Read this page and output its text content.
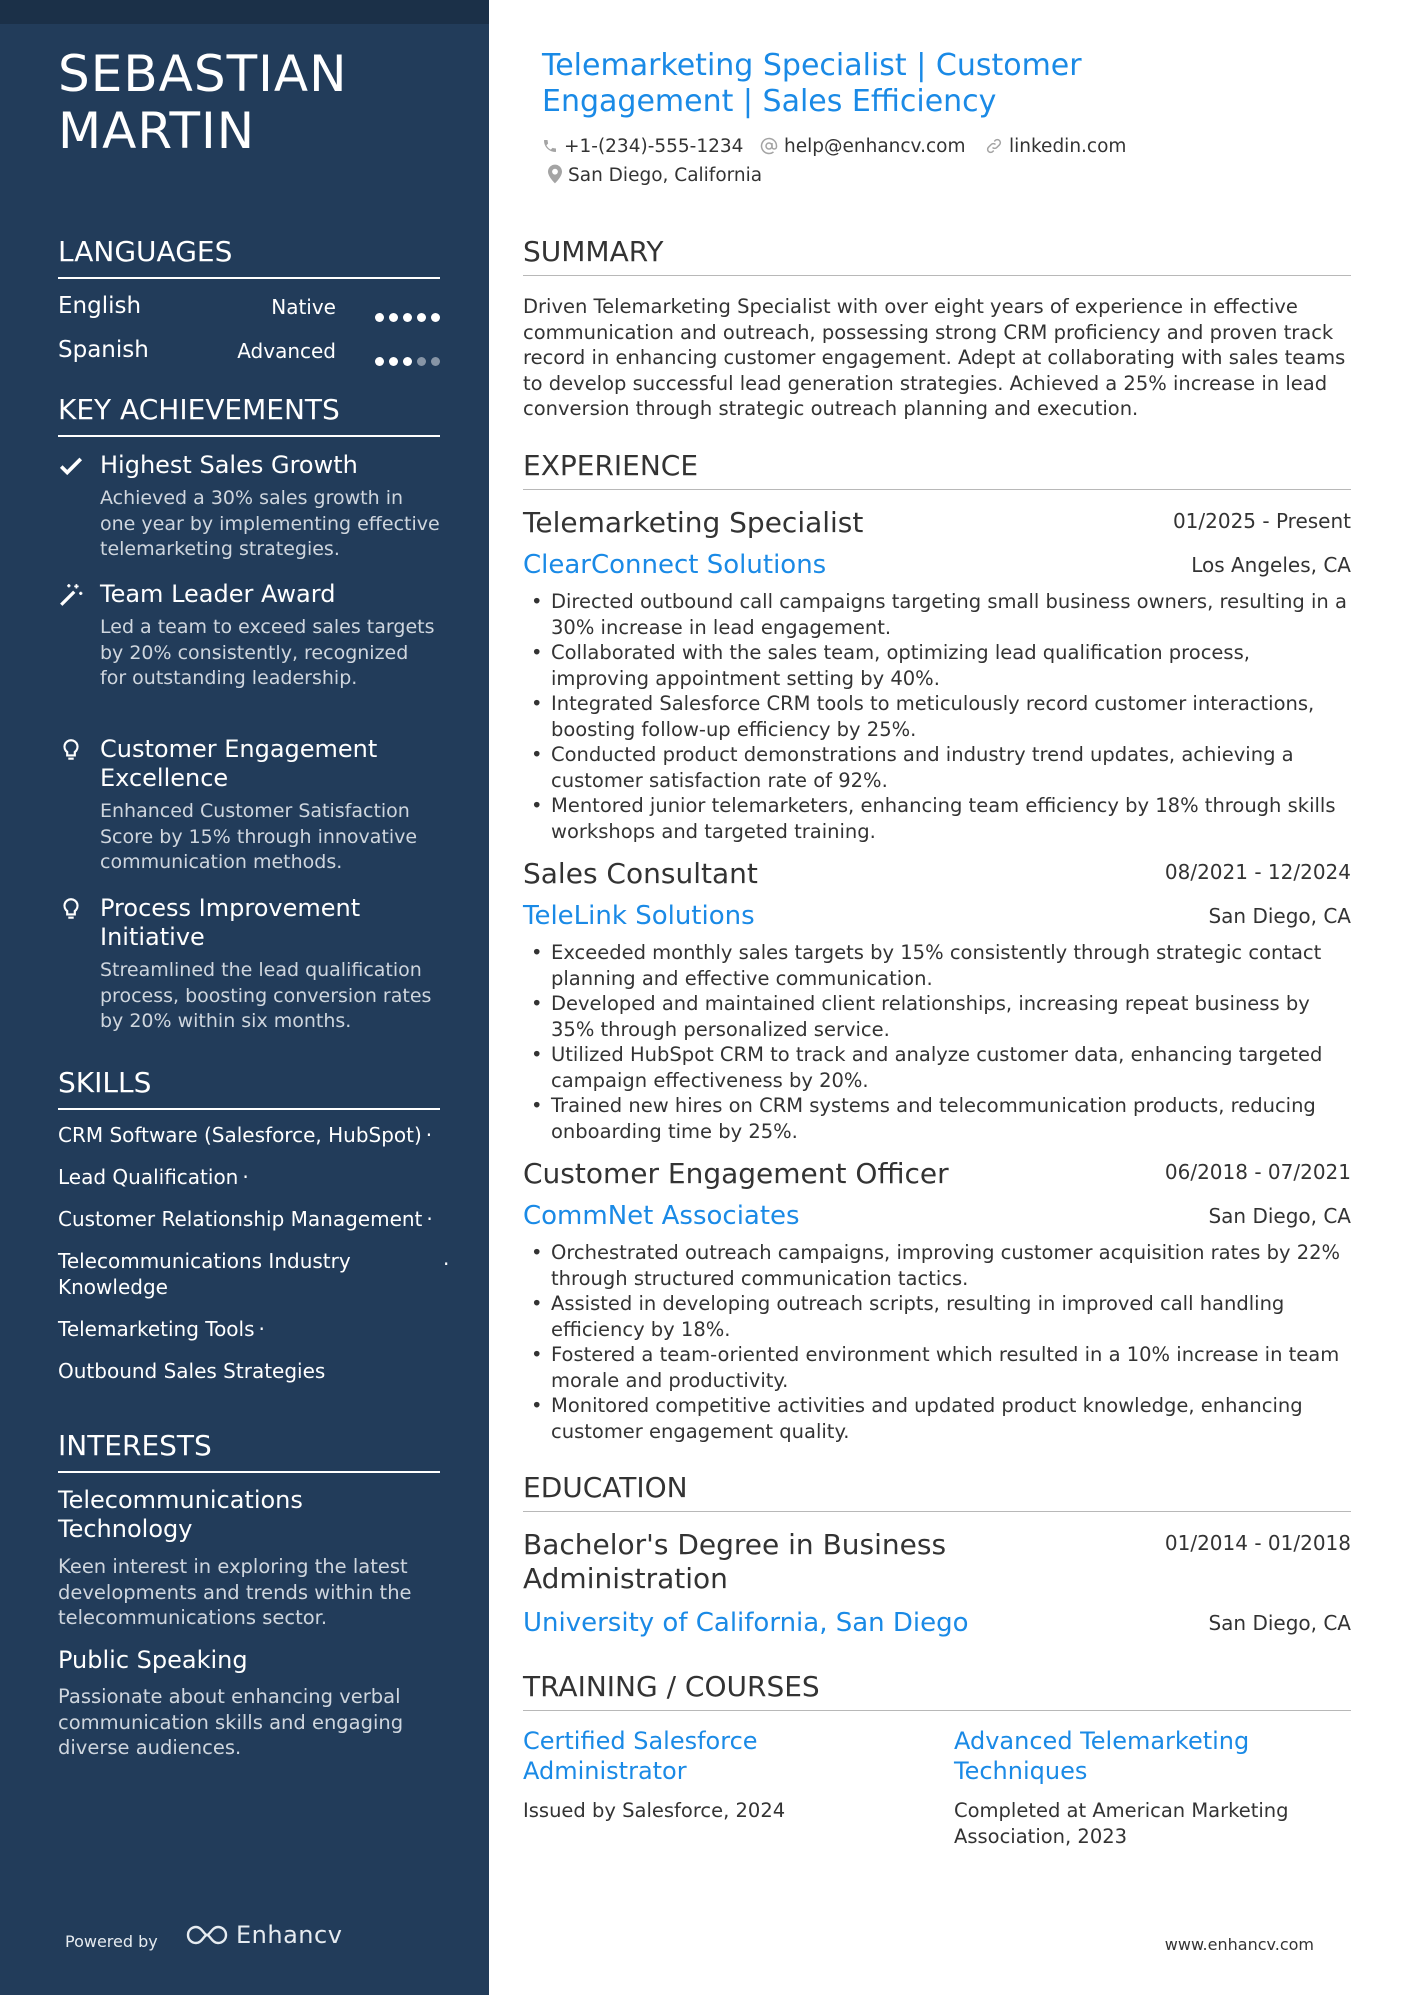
SEBASTIAN MARTIN
LANGUAGES
English	Native
Spanish	Advanced
KEY ACHIEVEMENTS
Highest Sales Growth
Achieved a 30% sales growth in one year by implementing effective telemarketing strategies.
Team Leader Award
Led a team to exceed sales targets by 20% consistently, recognized for outstanding leadership.
Customer Engagement Excellence
Enhanced Customer Satisfaction Score by 15% through innovative communication methods.
Process Improvement Initiative
Streamlined the lead qualification process, boosting conversion rates by 20% within six months.
SKILLS
CRM Software (Salesforce, HubSpot) ·
Lead Qualification ·
Customer Relationship Management ·
Telecommunications Industry Knowledge
·
Telemarketing Tools ·
Outbound Sales Strategies
INTERESTS
Telecommunications Technology
Keen interest in exploring the latest developments and trends within the telecommunications sector.
Public Speaking
Passionate about enhancing verbal communication skills and engaging diverse audiences.
Powered by	Enhancv
Telemarketing Specialist | Customer Engagement | Sales Efficiency
+1-(234)-555-1234	help@enhancv.com	linkedin.com
San Diego, California
SUMMARY
Driven Telemarketing Specialist with over eight years of experience in effective communication and outreach, possessing strong CRM proficiency and proven track record in enhancing customer engagement. Adept at collaborating with sales teams to develop successful lead generation strategies. Achieved a 25% increase in lead conversion through strategic outreach planning and execution.
EXPERIENCE
Telemarketing Specialist	01/2025 - Present
ClearConnect Solutions	Los Angeles, CA
• Directed outbound call campaigns targeting small business owners, resulting in a 30% increase in lead engagement.
• Collaborated with the sales team, optimizing lead qualification process, improving appointment setting by 40%.
• Integrated Salesforce CRM tools to meticulously record customer interactions, boosting follow-up efficiency by 25%.
• Conducted product demonstrations and industry trend updates, achieving a customer satisfaction rate of 92%.
• Mentored junior telemarketers, enhancing team efficiency by 18% through skills workshops and targeted training.
Sales Consultant	08/2021 - 12/2024
TeleLink Solutions	San Diego, CA
• Exceeded monthly sales targets by 15% consistently through strategic contact planning and effective communication.
• Developed and maintained client relationships, increasing repeat business by 35% through personalized service.
• Utilized HubSpot CRM to track and analyze customer data, enhancing targeted campaign effectiveness by 20%.
• Trained new hires on CRM systems and telecommunication products, reducing onboarding time by 25%.
Customer Engagement Officer	06/2018 - 07/2021
CommNet Associates	San Diego, CA
• Orchestrated outreach campaigns, improving customer acquisition rates by 22% through structured communication tactics.
• Assisted in developing outreach scripts, resulting in improved call handling efficiency by 18%.
• Fostered a team-oriented environment which resulted in a 10% increase in team morale and productivity.
• Monitored competitive activities and updated product knowledge, enhancing customer engagement quality.
EDUCATION
Bachelor's Degree in Business Administration
01/2014 - 01/2018
University of California, San Diego	San Diego, CA
TRAINING / COURSES
Certified Salesforce Administrator
Issued by Salesforce, 2024
Advanced Telemarketing Techniques
Completed at American Marketing Association, 2023
www.enhancv.com
